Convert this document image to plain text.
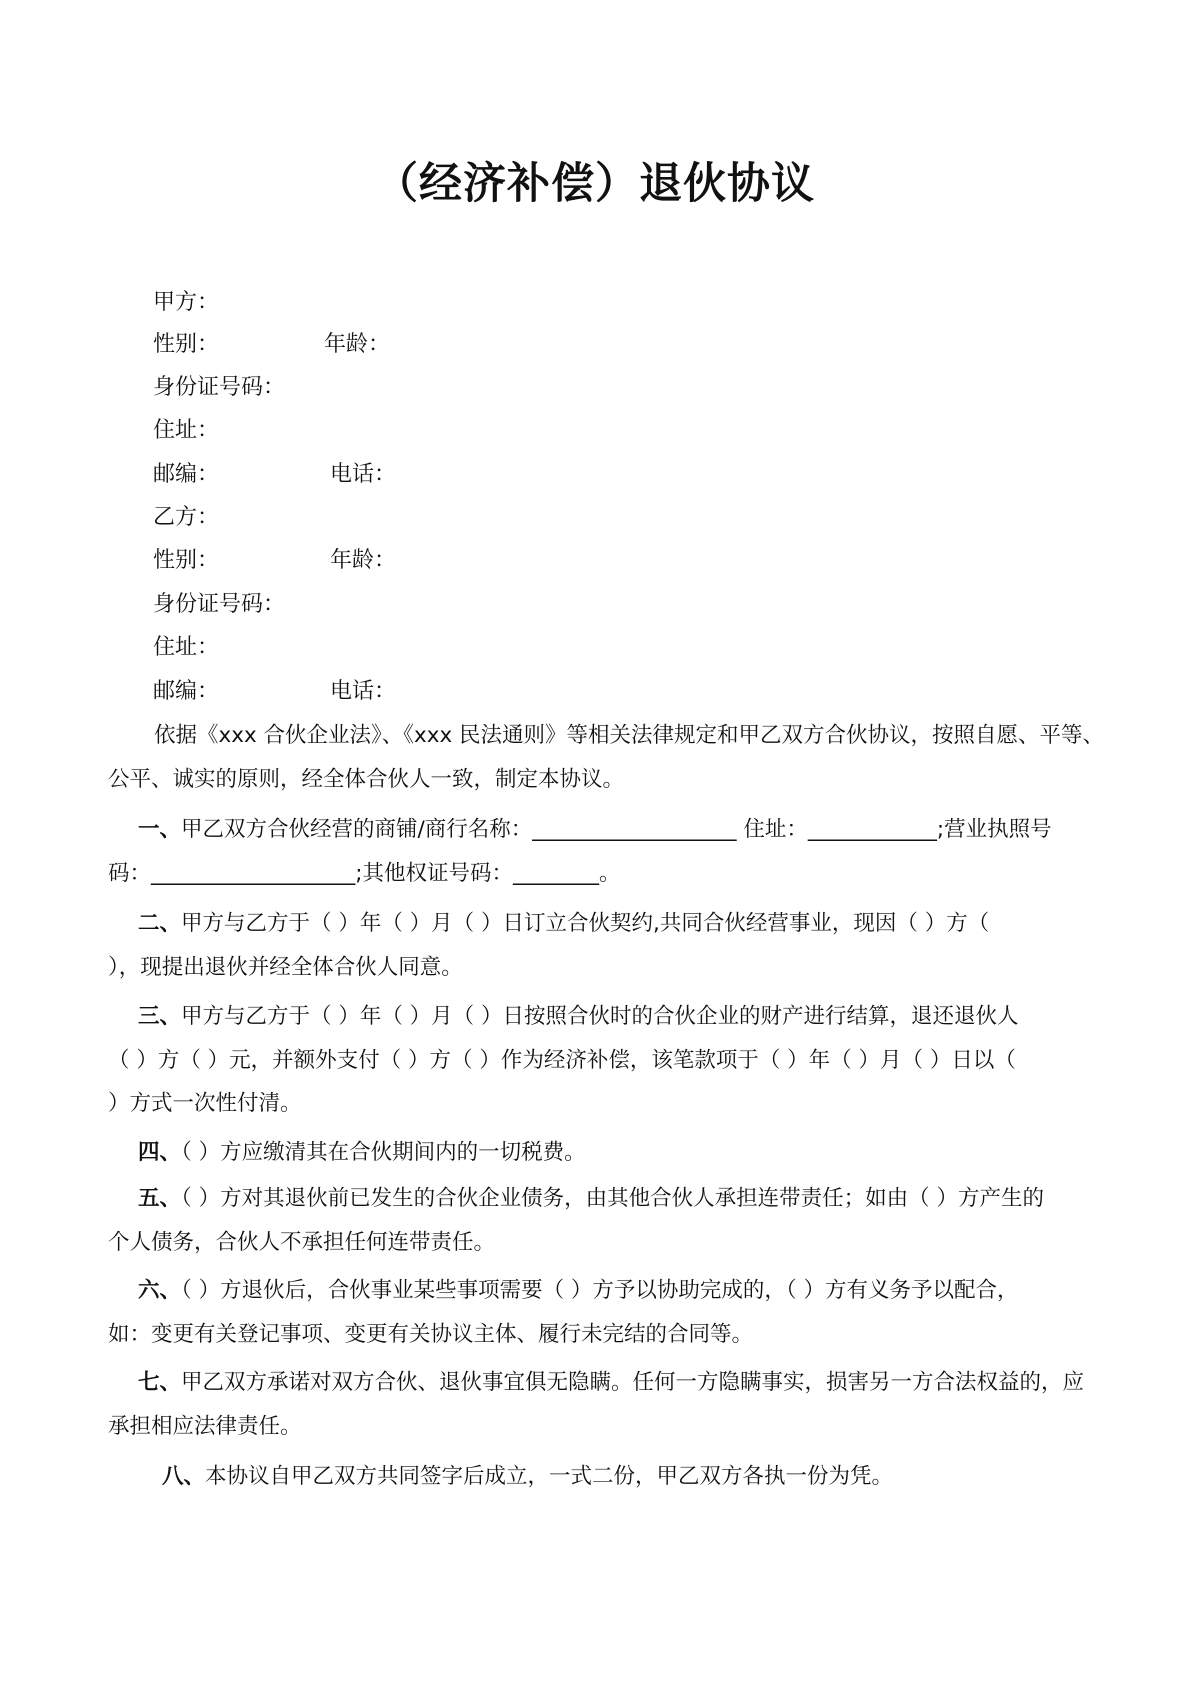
（经济补偿）退伙协议
甲方：
性别：	年龄：
身份证号码：
住址：
邮编：	电话：
乙方：
性别：	年龄：
身份证号码：
住址：
邮编：	电话：
依据《xxx 合伙企业法》、《xxx 民法通则》等相关法律规定和甲乙双方合伙协议，按照自愿、平等、
公平、诚实的原则，经全体合伙人一致，制定本协议。
一、甲乙双方合伙经营的商铺/商行名称：___________________ 住址：____________;营业执照号
码：___________________;其他权证号码：________。
二、甲方与乙方于（ ）年（ ）月（ ）日订立合伙契约,共同合伙经营事业，现因（ ）方（
），现提出退伙并经全体合伙人同意。
三、甲方与乙方于（ ）年（ ）月（ ）日按照合伙时的合伙企业的财产进行结算，退还退伙人
（ ）方（ ）元，并额外支付（ ）方（ ）作为经济补偿，该笔款项于（ ）年（ ）月（ ）日以（
）方式一次性付清。
四、（ ）方应缴清其在合伙期间内的一切税费。
五、（ ）方对其退伙前已发生的合伙企业债务，由其他合伙人承担连带责任；如由（ ）方产生的
个人债务，合伙人不承担任何连带责任。
六、（ ）方退伙后，合伙事业某些事项需要（ ）方予以协助完成的，（ ）方有义务予以配合，
如：变更有关登记事项、变更有关协议主体、履行未完结的合同等。
七、甲乙双方承诺对双方合伙、退伙事宜俱无隐瞒。任何一方隐瞒事实，损害另一方合法权益的，应
承担相应法律责任。
八、本协议自甲乙双方共同签字后成立，一式二份，甲乙双方各执一份为凭。
